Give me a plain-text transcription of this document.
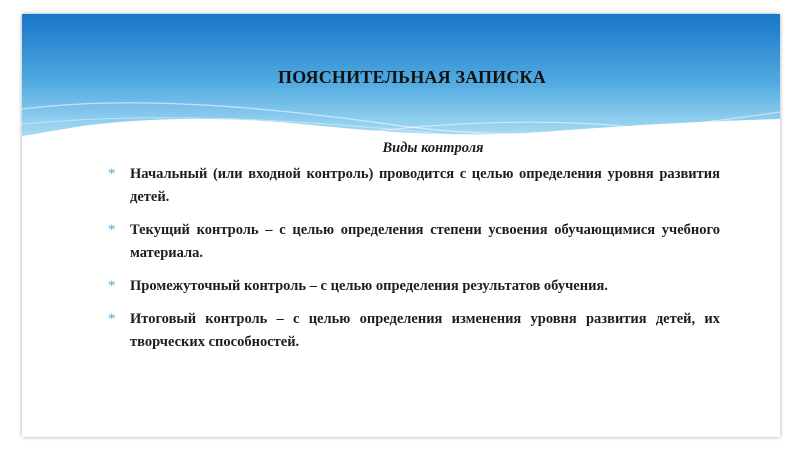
ПОЯСНИТЕЛЬНАЯ ЗАПИСКА
Виды контроля
* Начальный (или входной контроль) проводится с целью определения уровня развития детей.
* Текущий контроль – с целью определения степени усвоения обучающимися учебного материала.
* Промежуточный контроль – с целью определения результатов обучения.
* Итоговый контроль – с целью определения изменения уровня развития детей, их творческих способностей.
